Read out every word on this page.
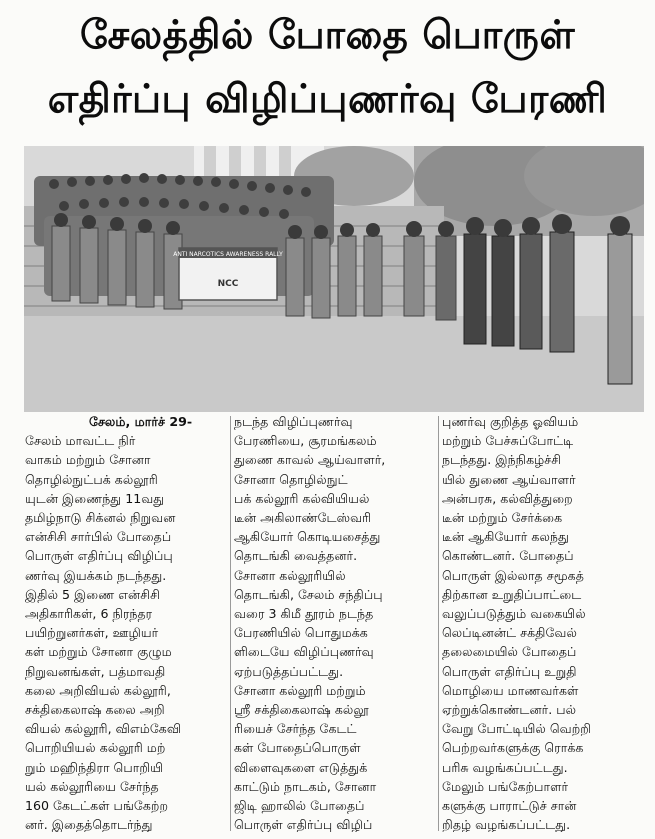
சேலத்தில் போதை பொருள்
எதிர்ப்பு விழிப்புணர்வு பேரணி
ANTI NARCOTICS AWARENESS RALLY
NCC
சேலம், மார்ச் 29-
சேலம் மாவட்ட நிர்
வாகம் மற்றும் சோனா
தொழில்நுட்பக் கல்லூரி
யுடன் இணைந்து 11வது
தமிழ்நாடு சிக்னல் நிறுவன
என்சிசி சார்பில் போதைப்
பொருள் எதிர்ப்பு விழிப்பு
ணர்வு இயக்கம் நடந்தது.
இதில் 5 இணை என்சிசி
அதிகாரிகள், 6 நிரந்தர
பயிற்றுனர்கள், ஊழியர்
கள் மற்றும் சோனா குழும
நிறுவனங்கள், பத்மாவதி
கலை அறிவியல் கல்லூரி,
சக்திகைலாஷ் கலை அறி
வியல் கல்லூரி, விஎம்கேவி
பொறியியல் கல்லூரி மற்
றும் மஹிந்திரா பொறியி
யல் கல்லூரியை சேர்ந்த
160 கேடட்கள் பங்கேற்ற
னர். இதைத்தொடர்ந்து
நடந்த விழிப்புணர்வு
பேரணியை, சூரமங்கலம்
துணை காவல் ஆய்வாளர்,
சோனா தொழில்நுட்
பக் கல்லூரி கல்வியியல்
டீன் அகிலாண்டேஸ்வரி
ஆகியோர் கொடியசைத்து
தொடங்கி வைத்தனர்.
சோனா கல்லூரியில்
தொடங்கி, சேலம் சந்திப்பு
வரை 3 கிமீ தூரம் நடந்த
பேரணியில் பொதுமக்க
ளிடையே விழிப்புணர்வு
ஏற்படுத்தப்பட்டது.
சோனா கல்லூரி மற்றும்
ஸ்ரீ சக்திகைலாஷ் கல்லூ
ரியைச் சேர்ந்த கேடட்
கள் போதைப்பொருள்
விளைவுகளை எடுத்துக்
காட்டும் நாடகம், சோனா
ஜிடி ஹாலில் போதைப்
பொருள் எதிர்ப்பு விழிப்
புணர்வு குறித்த ஓவியம்
மற்றும் பேச்சுப்போட்டி
நடந்தது. இந்நிகழ்ச்சி
யில் துணை ஆய்வாளர்
அன்பரசு, கல்வித்துறை
டீன் மற்றும் சேர்க்கை
டீன் ஆகியோர் கலந்து
கொண்டனர். போதைப்
பொருள் இல்லாத சமூகத்
திற்கான உறுதிப்பாட்டை
வலுப்படுத்தும் வகையில்
லெப்டினன்ட் சக்திவேல்
தலைமையில் போதைப்
பொருள் எதிர்ப்பு உறுதி
மொழியை மாணவர்கள்
ஏற்றுக்கொண்டனர். பல்
வேறு போட்டியில் வெற்றி
பெற்றவர்களுக்கு ரொக்க
பரிசு வழங்கப்பட்டது.
மேலும் பங்கேற்பாளர்
களுக்கு பாராட்டுச் சான்
றிதழ் வழங்கப்பட்டது.
